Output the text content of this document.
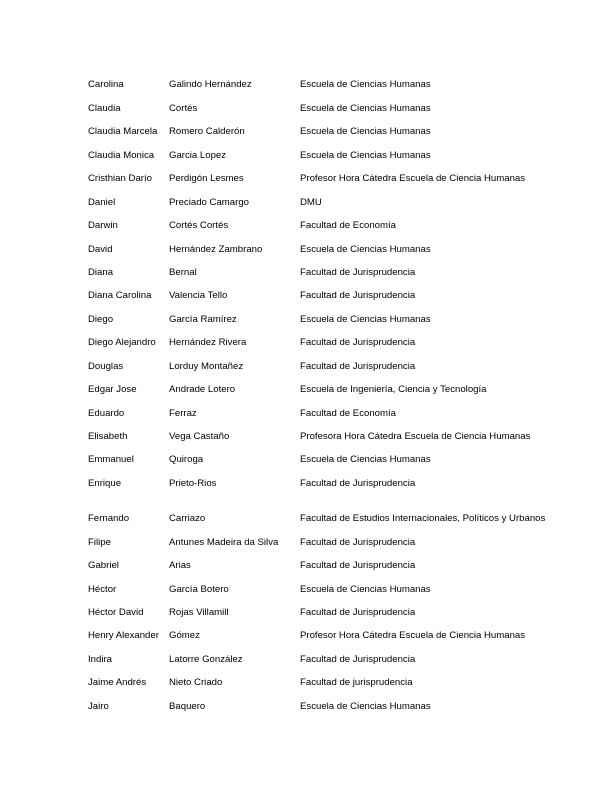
Carolina	Galindo Hernández	Escuela de Ciencias Humanas
Claudia	Cortés	Escuela de Ciencias Humanas
Claudia Marcela	Romero Calderón	Escuela de Ciencias Humanas
Claudia Monica	Garcia Lopez	Escuela de Ciencias Humanas
Cristhian Darío	Perdigón Lesmes	Profesor Hora Cátedra Escuela de Ciencia Humanas
Daniel	Preciado Camargo	DMU
Darwin	Cortés Cortés	Facultad de Economía
David	Hernández Zambrano	Escuela de Ciencias Humanas
Diana	Bernal	Facultad de Jurisprudencia
Diana Carolina	Valencia Tello	Facultad de Jurisprudencia
Diego	García Ramírez	Escuela de Ciencias Humanas
Diego Alejandro	Hernández Rivera	Facultad de Jurisprudencia
Douglas	Lorduy Montañez	Facultad de Jurisprudencia
Edgar Jose	Andrade Lotero	Escuela de Ingeniería, Ciencia y Tecnología
Eduardo	Ferraz	Facultad de Economía
Elisabeth	Vega Castaño	Profesora Hora Cátedra Escuela de Ciencia Humanas
Emmanuel	Quiroga	Escuela de Ciencias Humanas
Enrique	Prieto-Rios	Facultad de Jurisprudencia
Fernando	Carriazo	Facultad de Estudios Internacionales, Políticos y Urbanos
Filipe	Antunes Madeira da Silva	Facultad de Jurisprudencia
Gabriel	Arias	Facultad de Jurisprudencia
Héctor	García Botero	Escuela de Ciencias Humanas
Héctor David	Rojas Villamill	Facultad de Jurisprudencia
Henry Alexander	Gómez	Profesor Hora Cátedra Escuela de Ciencia Humanas
Indira	Latorre González	Facultad de Jurisprudencia
Jaime Andrés	Nieto Criado	Facultad de jurisprudencia
Jairo	Baquero	Escuela de Ciencias Humanas
